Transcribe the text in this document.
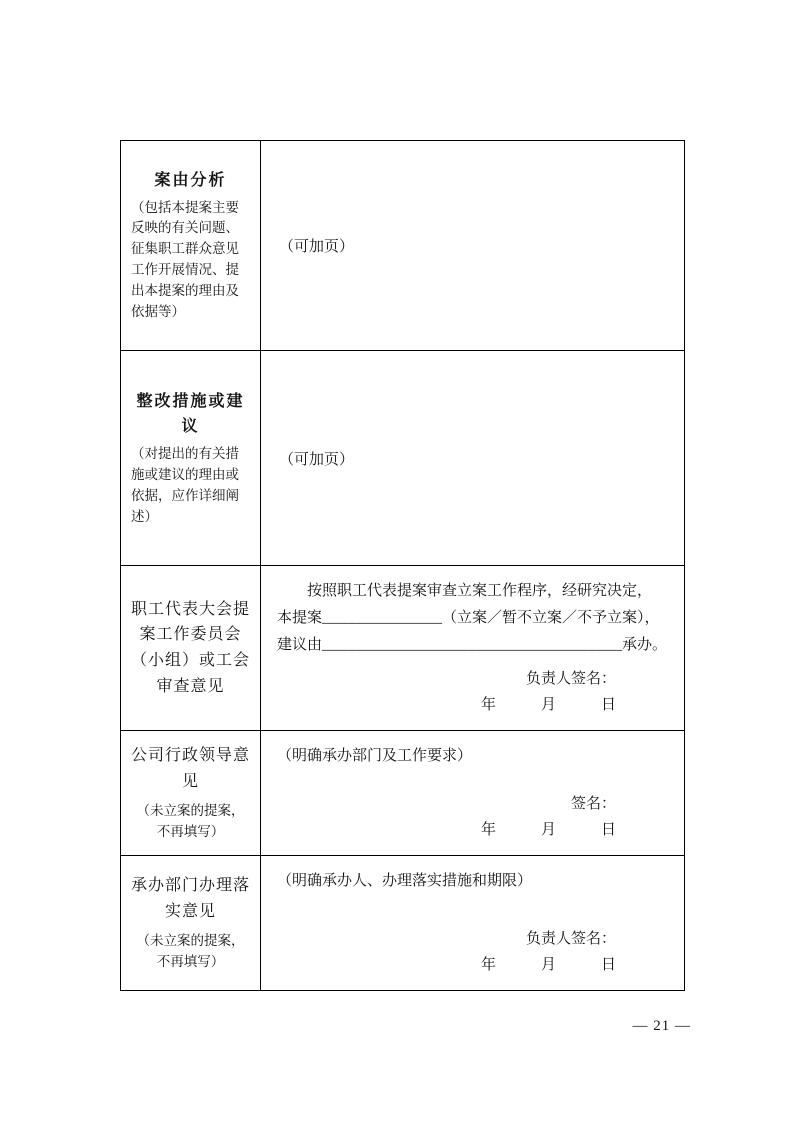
案由分析
（包括本提案主要反映的有关问题、征集职工群众意见工作开展情况、提出本提案的理由及依据等）
（可加页）
整改措施或建议
（对提出的有关措施或建议的理由或依据，应作详细阐述）
（可加页）
职工代表大会提案工作委员会（小组）或工会审查意见
按照职工代表提案审查立案工作程序，经研究决定，
本提案________________（立案／暂不立案／不予立案），
建议由________________________________________承办。
负责人签名：
年　　　月　　　日
公司行政领导意见
（未立案的提案，不再填写）
（明确承办部门及工作要求）
签名：
年　　　月　　　日
承办部门办理落实意见
（未立案的提案，不再填写）
（明确承办人、办理落实措施和期限）
负责人签名：
年　　　月　　　日
— 21 —
